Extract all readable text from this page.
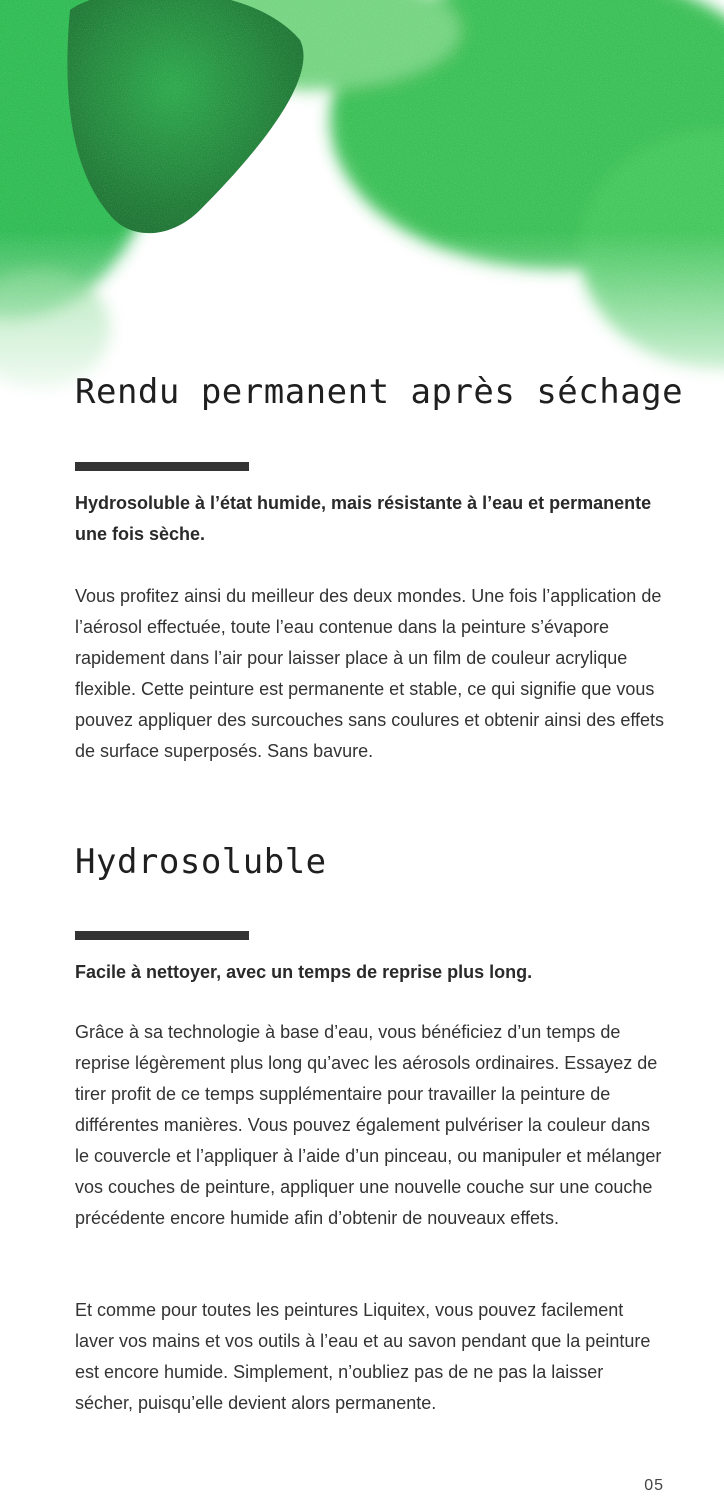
Rendu permanent après séchage

Hydrosoluble à l’état humide, mais résistante à l’eau et permanente une fois sèche.

Vous profitez ainsi du meilleur des deux mondes. Une fois l’application de l’aérosol effectuée, toute l’eau contenue dans la peinture s’évapore rapidement dans l’air pour laisser place à un film de couleur acrylique flexible. Cette peinture est permanente et stable, ce qui signifie que vous pouvez appliquer des surcouches sans coulures et obtenir ainsi des effets de surface superposés. Sans bavure.

Hydrosoluble

Facile à nettoyer, avec un temps de reprise plus long.

Grâce à sa technologie à base d’eau, vous bénéficiez d’un temps de reprise légèrement plus long qu’avec les aérosols ordinaires. Essayez de tirer profit de ce temps supplémentaire pour travailler la peinture de différentes manières. Vous pouvez également pulvériser la couleur dans le couvercle et l’appliquer à l’aide d’un pinceau, ou manipuler et mélanger vos couches de peinture, appliquer une nouvelle couche sur une couche précédente encore humide afin d’obtenir de nouveaux effets.

Et comme pour toutes les peintures Liquitex, vous pouvez facilement laver vos mains et vos outils à l’eau et au savon pendant que la peinture est encore humide. Simplement, n’oubliez pas de ne pas la laisser sécher, puisqu’elle devient alors permanente.

05
